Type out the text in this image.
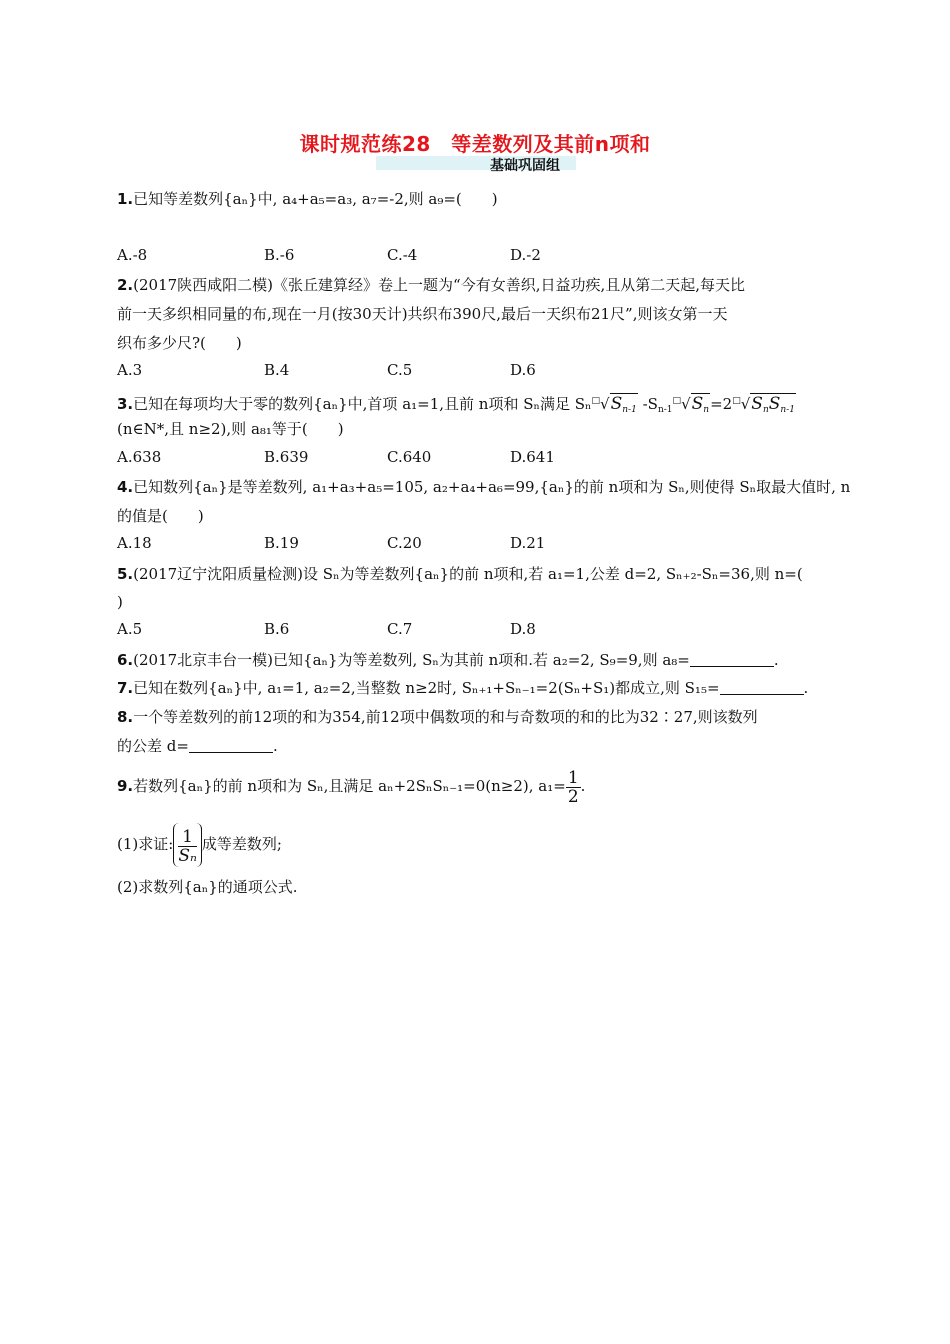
课时规范练28　等差数列及其前n项和
基础巩固组
1.已知等差数列{aₙ}中, a₄+a₅=a₃, a₇=-2,则 a₉=(　　)
A.-8	B.-6	C.-4	D.-2
2.(2017陕西咸阳二模)《张丘建算经》卷上一题为“今有女善织,日益功疾,且从第二天起,每天比
前一天多织相同量的布,现在一月(按30天计)共织布390尺,最后一天织布21尺”,则该女第一天
织布多少尺?(　　)
A.3	B.4	C.5	D.6
3.已知在每项均大于零的数列{aₙ}中,首项 a₁=1,且前 n项和 Sₙ满足 $S_n^□√S_{n-1}$ $-S_{n-1}^□√S_n=2^□√S_nS_{n-1}$
(n∈N*,且 n≥2),则 a₈₁等于(　　)
A.638	B.639	C.640	D.641
4.已知数列{aₙ}是等差数列, a₁+a₃+a₅=105, a₂+a₄+a₆=99,{aₙ}的前 n项和为 Sₙ,则使得 Sₙ取最大值时, n
的值是(　　)
A.18	B.19	C.20	D.21
5.(2017辽宁沈阳质量检测)设 Sₙ为等差数列{aₙ}的前 n项和,若 a₁=1,公差 d=2, Sₙ₊₂-Sₙ=36,则 n=(
)
A.5	B.6	C.7	D.8
6.(2017北京丰台一模)已知{aₙ}为等差数列, Sₙ为其前 n项和.若 a₂=2, S₉=9,则 a₈=	.
7.已知在数列{aₙ}中, a₁=1, a₂=2,当整数 n≥2时, Sₙ₊₁+Sₙ₋₁=2(Sₙ+S₁)都成立,则 S₁₅=	.
8.一个等差数列的前12项的和为354,前12项中偶数项的和与奇数项的和的比为32∶27,则该数列
的公差 d=	.
9.若数列{aₙ}的前 n项和为 Sₙ,且满足 aₙ+2SₙSₙ₋₁=0(n≥2), $a_1= \frac{1}{2}$ .
(1)求证: $\frac{1}{\text{Sₙ}}$ 成等差数列;
(2)求数列{aₙ}的通项公式.
